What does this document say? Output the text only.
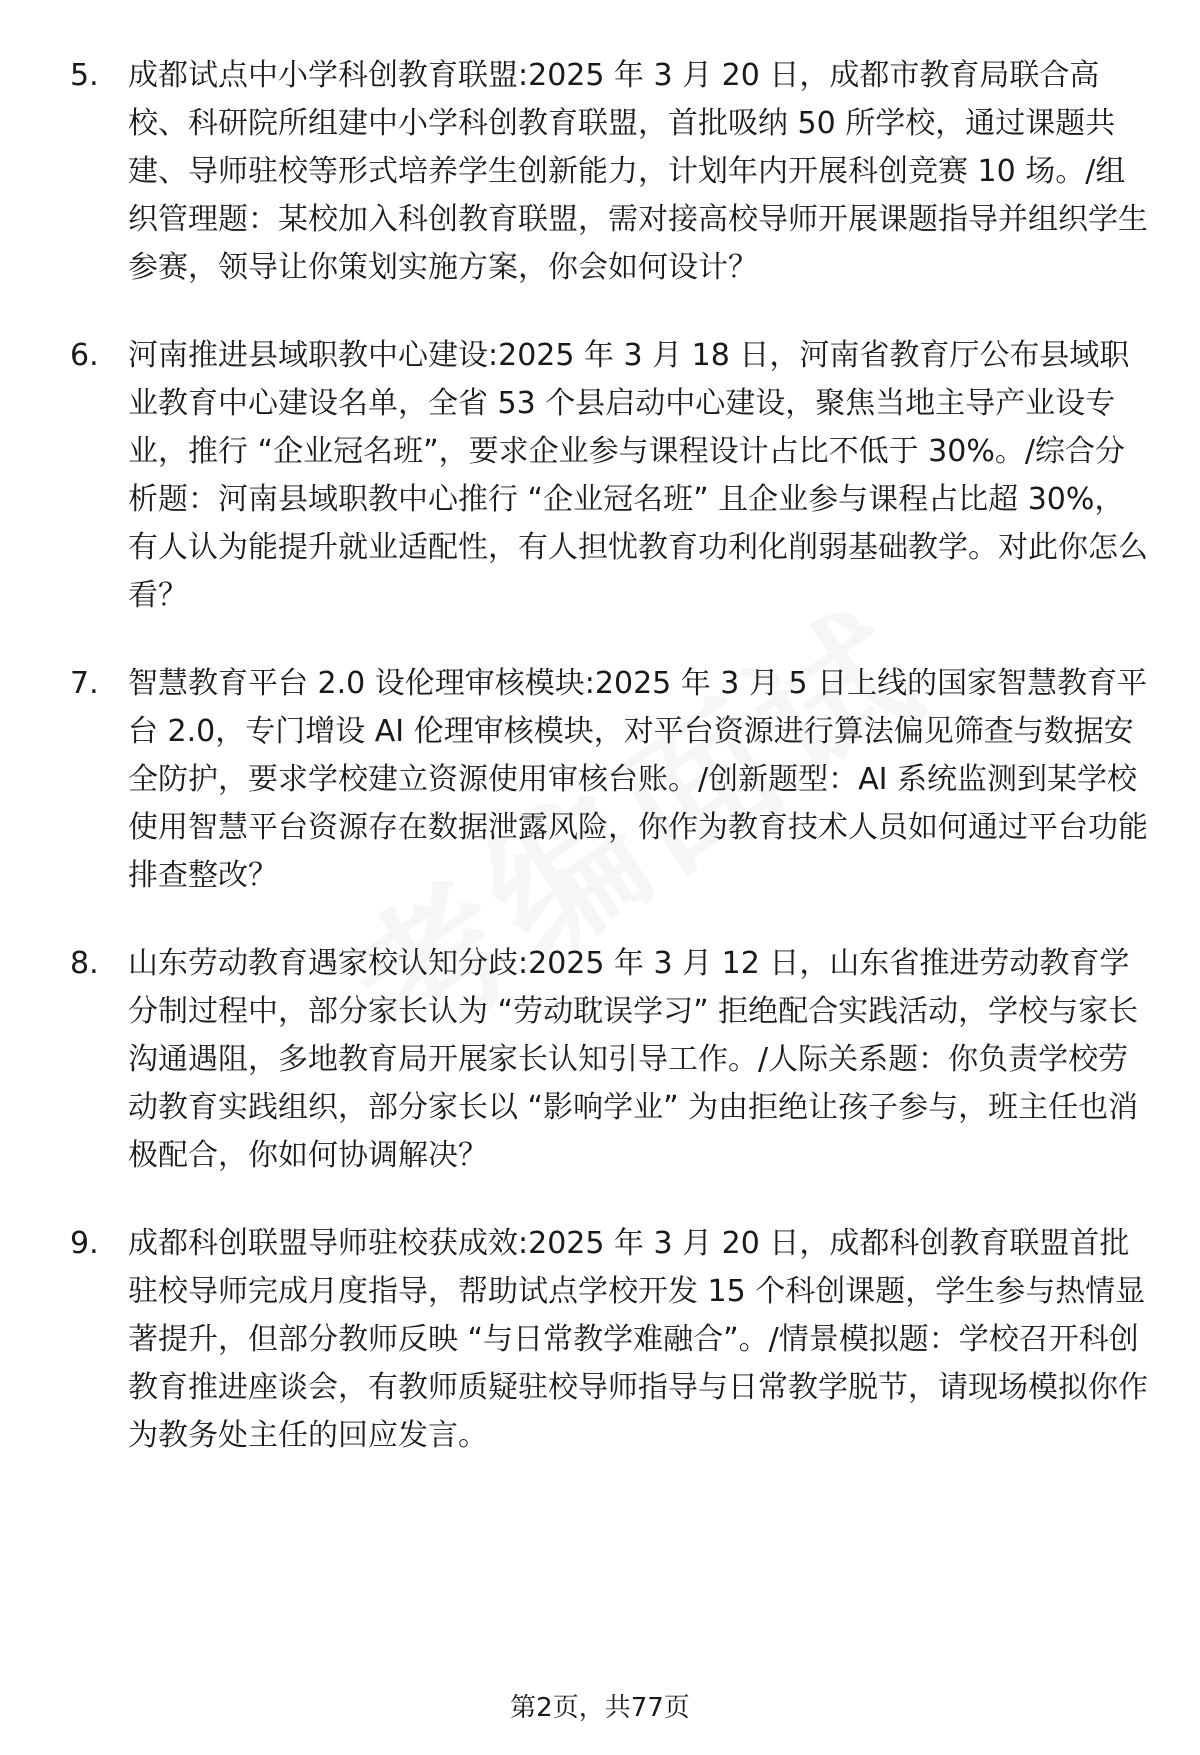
5. 成都试点中小学科创教育联盟:2025 年 3 月 20 日，成都市教育局联合高校、科研院所组建中小学科创教育联盟，首批吸纳 50 所学校，通过课题共建、导师驻校等形式培养学生创新能力，计划年内开展科创竞赛 10 场。/组织管理题：某校加入科创教育联盟，需对接高校导师开展课题指导并组织学生参赛，领导让你策划实施方案，你会如何设计？
6. 河南推进县域职教中心建设:2025 年 3 月 18 日，河南省教育厅公布县域职业教育中心建设名单，全省 53 个县启动中心建设，聚焦当地主导产业设专业，推行 “企业冠名班”，要求企业参与课程设计占比不低于 30%。/综合分析题：河南县域职教中心推行 “企业冠名班” 且企业参与课程占比超 30%，有人认为能提升就业适配性，有人担忧教育功利化削弱基础教学。对此你怎么看？
7. 智慧教育平台 2.0 设伦理审核模块:2025 年 3 月 5 日上线的国家智慧教育平台 2.0，专门增设 AI 伦理审核模块，对平台资源进行算法偏见筛查与数据安全防护，要求学校建立资源使用审核台账。/创新题型：AI 系统监测到某学校使用智慧平台资源存在数据泄露风险，你作为教育技术人员如何通过平台功能排查整改？
8. 山东劳动教育遇家校认知分歧:2025 年 3 月 12 日，山东省推进劳动教育学分制过程中，部分家长认为 “劳动耽误学习” 拒绝配合实践活动，学校与家长沟通遇阻，多地教育局开展家长认知引导工作。/人际关系题：你负责学校劳动教育实践组织，部分家长以 “影响学业” 为由拒绝让孩子参与，班主任也消极配合，你如何协调解决？
9. 成都科创联盟导师驻校获成效:2025 年 3 月 20 日，成都科创教育联盟首批驻校导师完成月度指导，帮助试点学校开发 15 个科创课题，学生参与热情显著提升，但部分教师反映 “与日常教学难融合”。/情景模拟题：学校召开科创教育推进座谈会，有教师质疑驻校导师指导与日常教学脱节，请现场模拟你作为教务处主任的回应发言。
第2页，共77页
